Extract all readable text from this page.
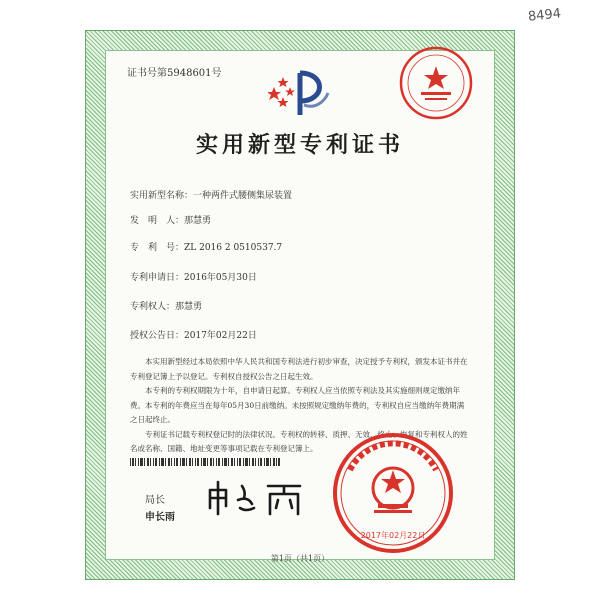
8494
证书号第5948601号
实用新型专利证书
实用新型名称：一种两件式腰侧集尿装置
发　明　人：那慧勇
专　利　号：ZL 2016 2 0510537.7
专利申请日：2016年05月30日
专利权人：那慧勇
授权公告日：2017年02月22日

本实用新型经过本局依照中华人民共和国专利法进行初步审查，决定授予专利权，颁发本证书并在专利登记簿上予以登记。专利权自授权公告之日起生效。

本专利的专利权期限为十年，自申请日起算。专利权人应当依照专利法及其实施细则规定缴纳年费。本专利的年费应当在每年05月30日前缴纳。未按照规定缴纳年费的，专利权自应当缴纳年费期满之日起终止。

专利证书记载专利权登记时的法律状况。专利权的转移、质押、无效、终止、恢复和专利权人的姓名或名称、国籍、地址变更等事项记载在专利登记簿上。

局长
申长雨
2017年02月22日
第1页（共1页）
